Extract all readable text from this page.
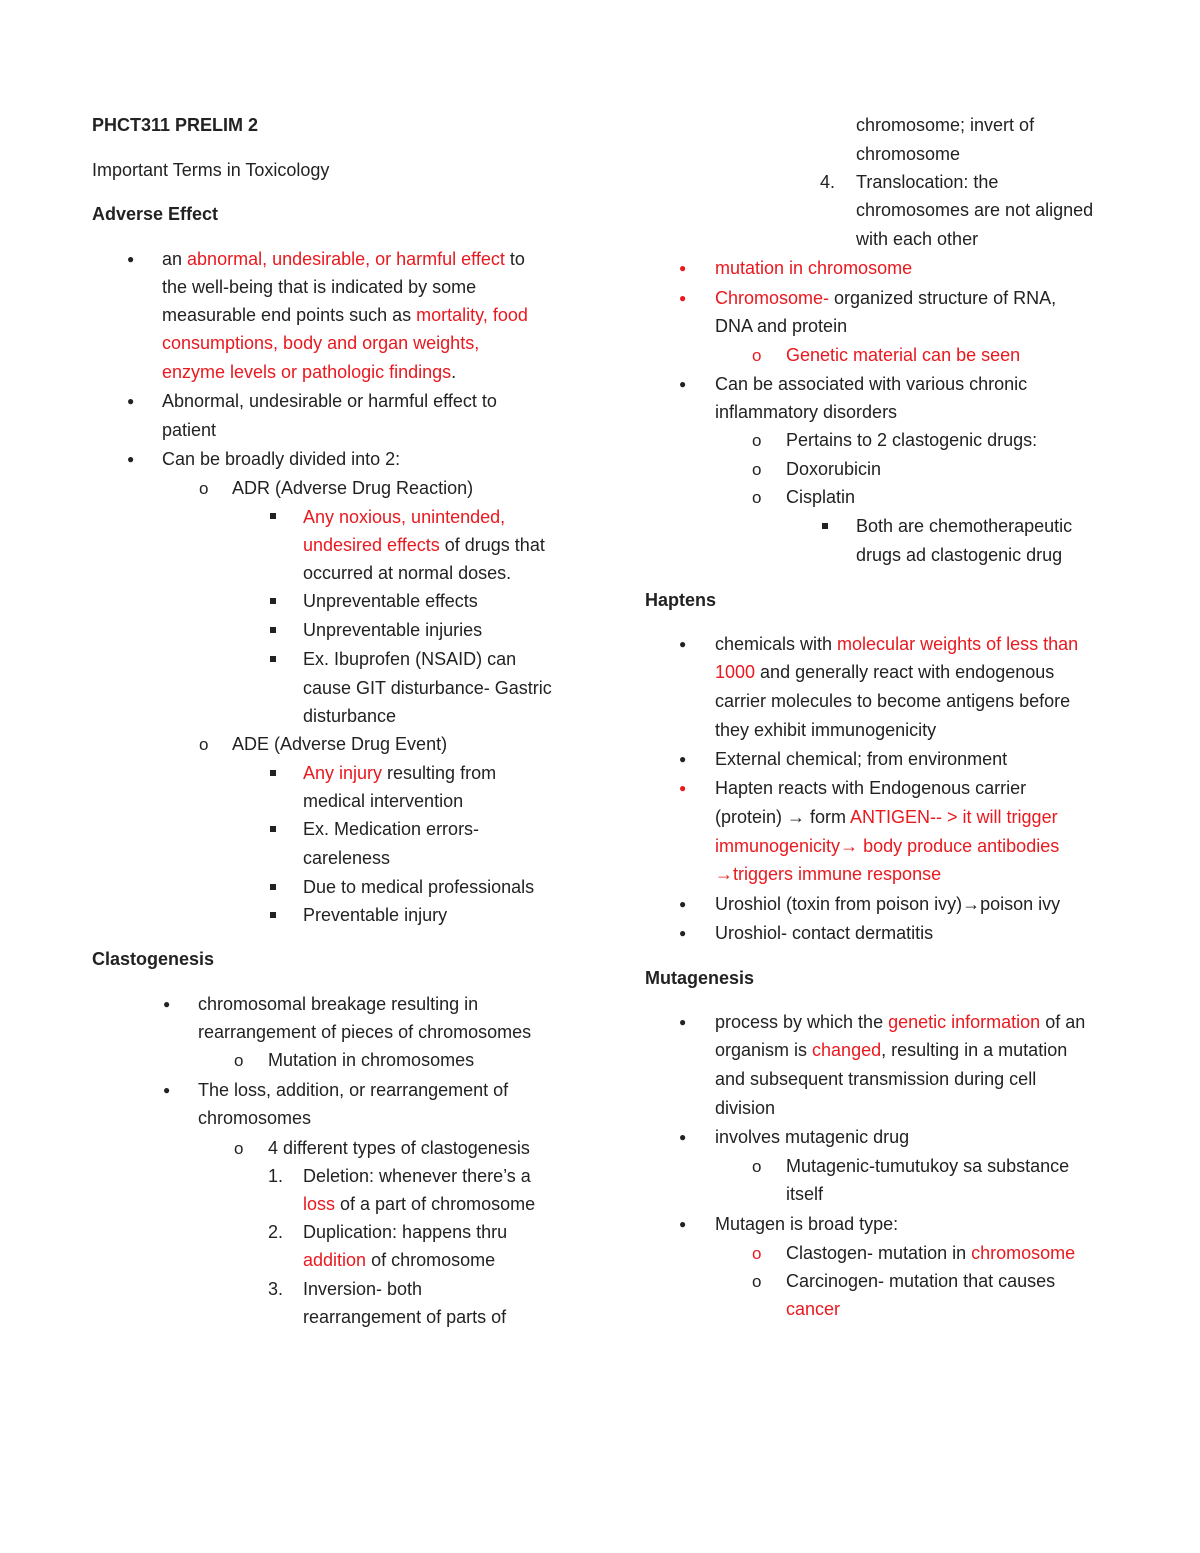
PHCT311 PRELIM 2
Important Terms in Toxicology
Adverse Effect
● an abnormal, undesirable, or harmful effect to
the well-being that is indicated by some
measurable end points such as mortality, food
consumptions, body and organ weights,
enzyme levels or pathologic findings.
● Abnormal, undesirable or harmful effect to
patient
● Can be broadly divided into 2:
o ADR (Adverse Drug Reaction)
Any noxious, unintended,
undesired effects of drugs that
occurred at normal doses.
Unpreventable effects
Unpreventable injuries
Ex. Ibuprofen (NSAID) can
cause GIT disturbance- Gastric
disturbance
o ADE (Adverse Drug Event)
Any injury resulting from
medical intervention
Ex. Medication errors-
careleness
Due to medical professionals
Preventable injury
Clastogenesis
● chromosomal breakage resulting in
rearrangement of pieces of chromosomes
o Mutation in chromosomes
● The loss, addition, or rearrangement of
chromosomes
o 4 different types of clastogenesis
1. Deletion: whenever there’s a
loss of a part of chromosome
2. Duplication: happens thru
addition of chromosome
3. Inversion- both
rearrangement of parts of
chromosome; invert of
chromosome
4. Translocation: the
chromosomes are not aligned
with each other
● mutation in chromosome
● Chromosome- organized structure of RNA,
DNA and protein
o Genetic material can be seen
● Can be associated with various chronic
inflammatory disorders
o Pertains to 2 clastogenic drugs:
o Doxorubicin
o Cisplatin
Both are chemotherapeutic
drugs ad clastogenic drug
Haptens
● chemicals with molecular weights of less than
1000 and generally react with endogenous
carrier molecules to become antigens before
they exhibit immunogenicity
● External chemical; from environment
● Hapten reacts with Endogenous carrier
(protein) → form ANTIGEN-- > it will trigger
immunogenicity→ body produce antibodies
→triggers immune response
● Uroshiol (toxin from poison ivy)→poison ivy
● Uroshiol- contact dermatitis
Mutagenesis
● process by which the genetic information of an
organism is changed, resulting in a mutation
and subsequent transmission during cell
division
● involves mutagenic drug
o Mutagenic-tumutukoy sa substance
itself
● Mutagen is broad type:
o Clastogen- mutation in chromosome
o Carcinogen- mutation that causes
cancer
